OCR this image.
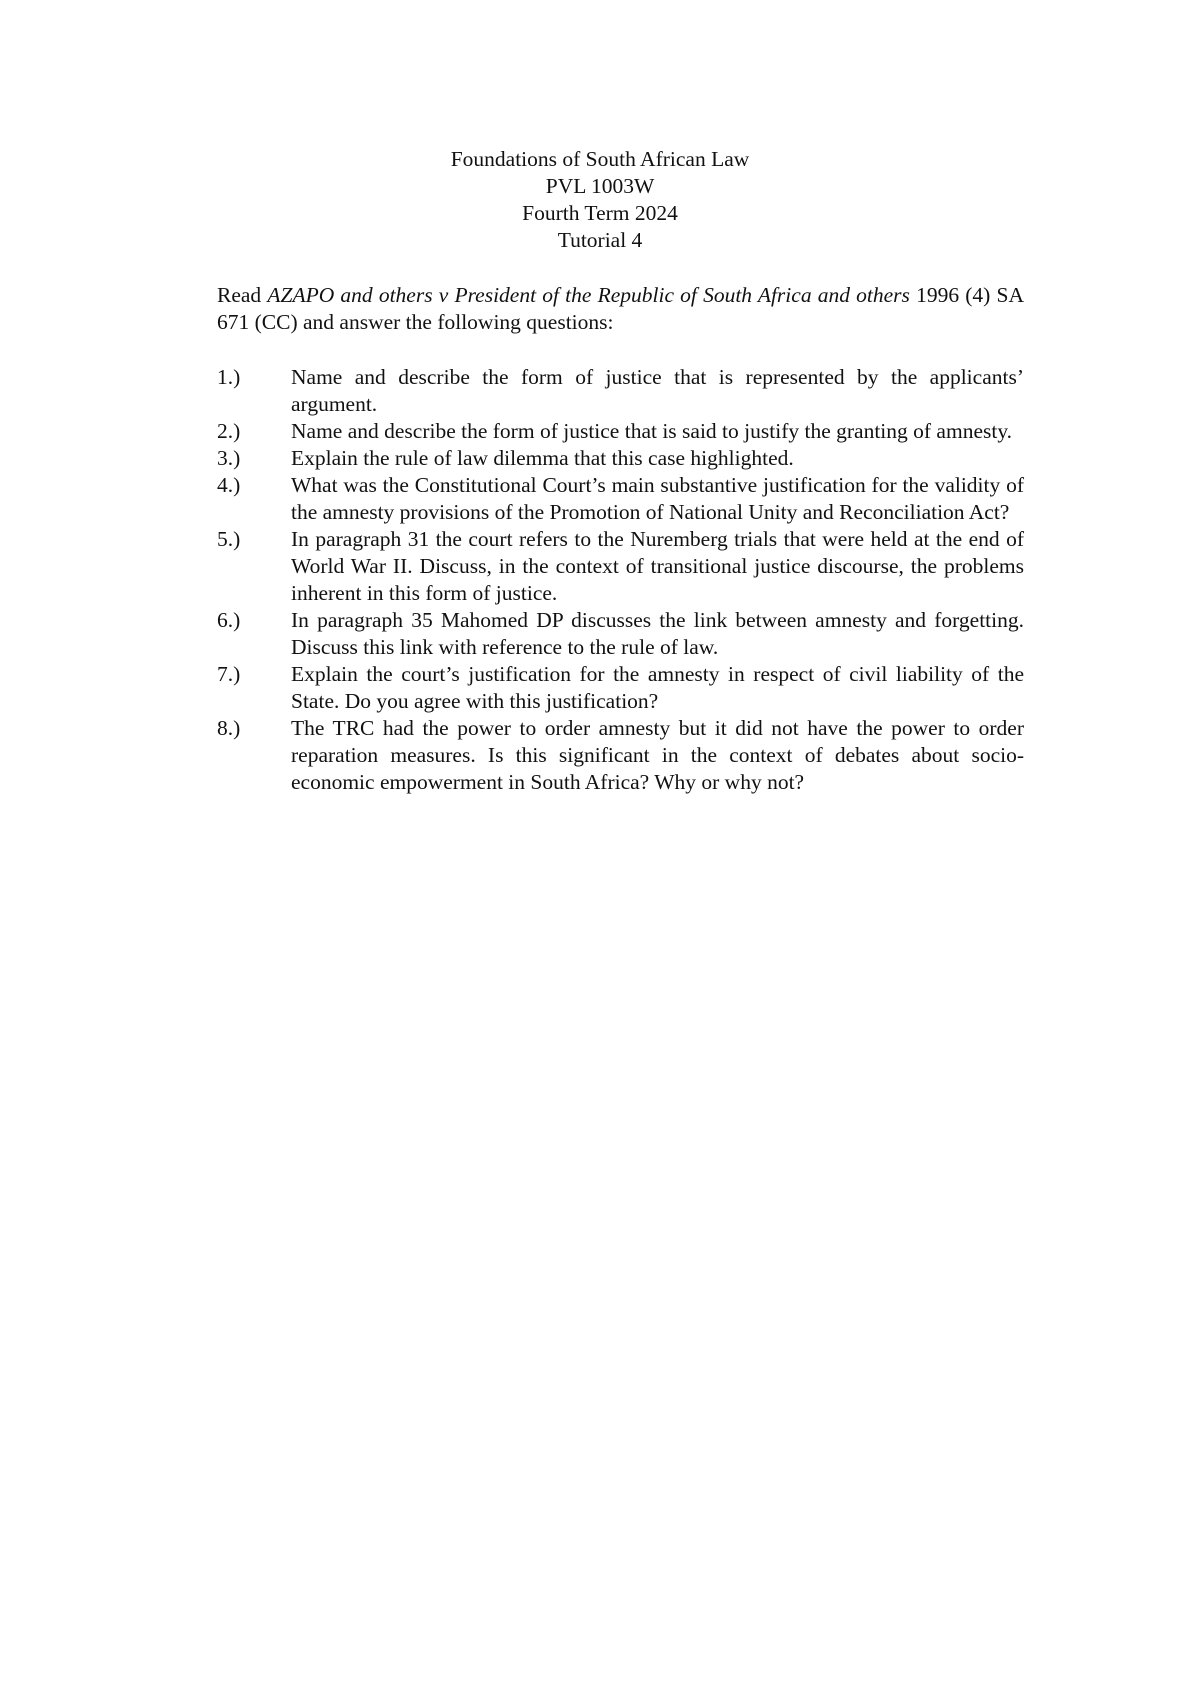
Foundations of South African Law
PVL 1003W
Fourth Term 2024
Tutorial 4
Read AZAPO and others v President of the Republic of South Africa and others 1996 (4) SA 671 (CC) and answer the following questions:
1.)	Name and describe the form of justice that is represented by the applicants’ argument.
2.)	Name and describe the form of justice that is said to justify the granting of amnesty.
3.)	Explain the rule of law dilemma that this case highlighted.
4.)	What was the Constitutional Court’s main substantive justification for the validity of the amnesty provisions of the Promotion of National Unity and Reconciliation Act?
5.)	In paragraph 31 the court refers to the Nuremberg trials that were held at the end of World War II. Discuss, in the context of transitional justice discourse, the problems inherent in this form of justice.
6.)	In paragraph 35 Mahomed DP discusses the link between amnesty and forgetting. Discuss this link with reference to the rule of law.
7.)	Explain the court’s justification for the amnesty in respect of civil liability of the State. Do you agree with this justification?
8.)	The TRC had the power to order amnesty but it did not have the power to order reparation measures. Is this significant in the context of debates about socio-economic empowerment in South Africa? Why or why not?
